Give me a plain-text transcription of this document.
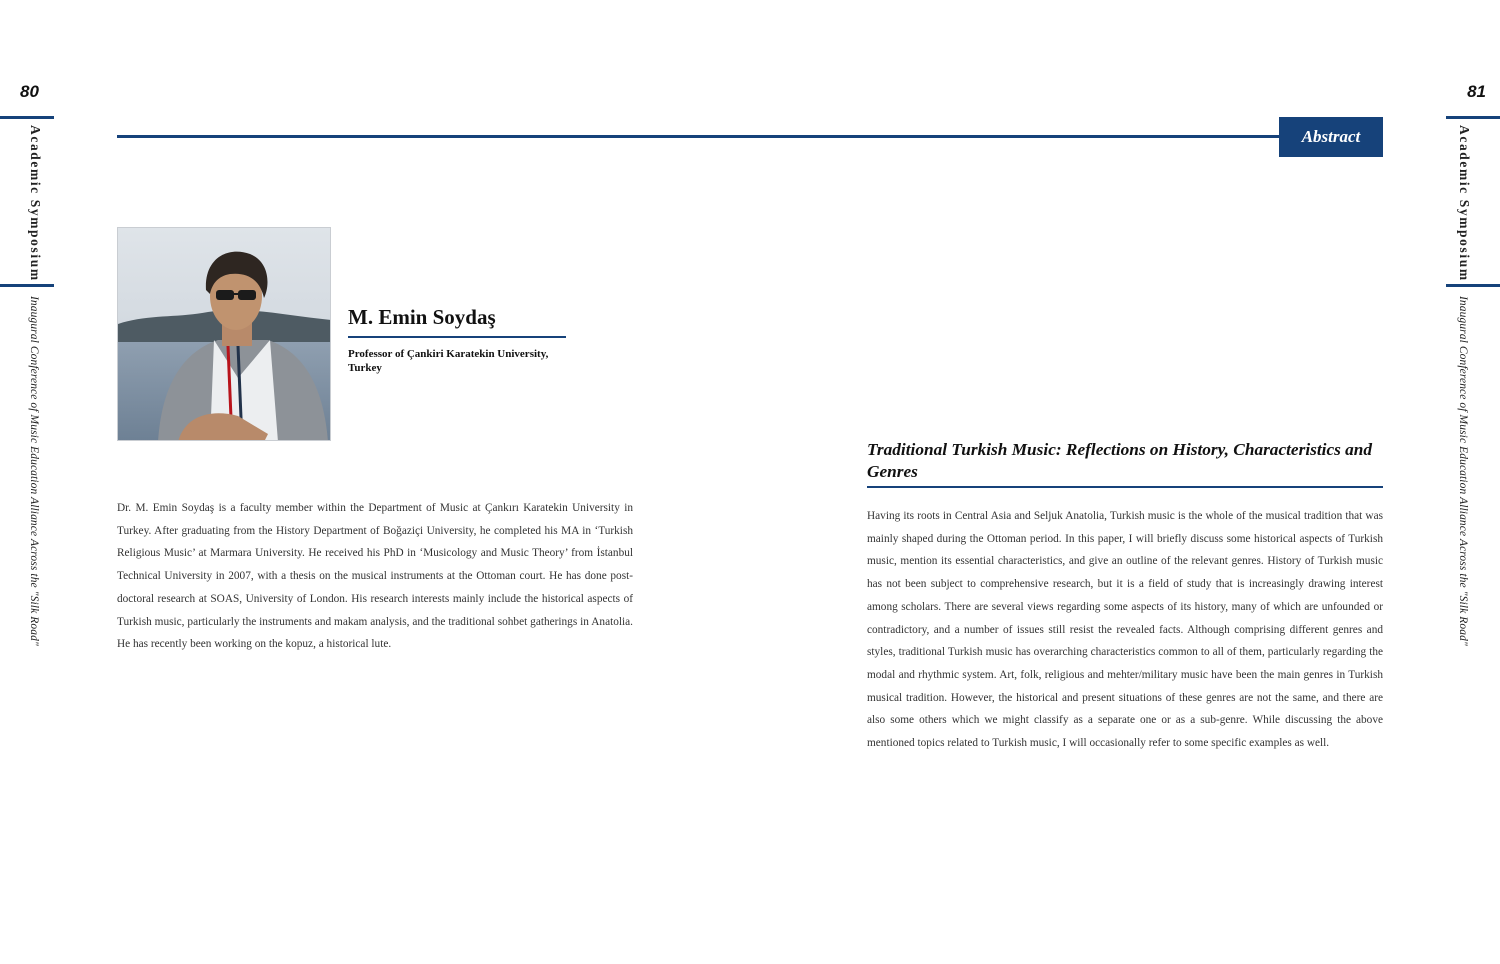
80	81
Academic Symposium
Inaugural Conference of Music Education Alliance Across the "Silk Road"
Academic Symposium
Inaugural Conference of Music Education Alliance Across the "Silk Road"
Abstract
M. Emin Soydaş
Professor of Çankiri Karatekin University,
Turkey
Dr. M. Emin Soydaş is a faculty member within the Department of Music at Çankırı Karatekin University in Turkey. After graduating from the History Department of Boğaziçi University, he completed his MA in ‘Turkish Religious Music’ at Marmara University. He received his PhD in ‘Musicology and Music Theory’ from İstanbul Technical University in 2007, with a thesis on the musical instruments at the Ottoman court. He has done post-doctoral research at SOAS, University of London. His research interests mainly include the historical aspects of Turkish music, particularly the instruments and makam analysis, and the traditional sohbet gatherings in Anatolia. He has recently been working on the kopuz, a historical lute.
Traditional Turkish Music: Reflections on History, Characteristics and Genres
Having its roots in Central Asia and Seljuk Anatolia, Turkish music is the whole of the musical tradition that was mainly shaped during the Ottoman period. In this paper, I will briefly discuss some historical aspects of Turkish music, mention its essential characteristics, and give an outline of the relevant genres. History of Turkish music has not been subject to comprehensive research, but it is a field of study that is increasingly drawing interest among scholars. There are several views regarding some aspects of its history, many of which are unfounded or contradictory, and a number of issues still resist the revealed facts. Although comprising different genres and styles, traditional Turkish music has overarching characteristics common to all of them, particularly regarding the modal and rhythmic system. Art, folk, religious and mehter/military music have been the main genres in Turkish musical tradition. However, the historical and present situations of these genres are not the same, and there are also some others which we might classify as a separate one or as a sub-genre. While discussing the above mentioned topics related to Turkish music, I will occasionally refer to some specific examples as well.
